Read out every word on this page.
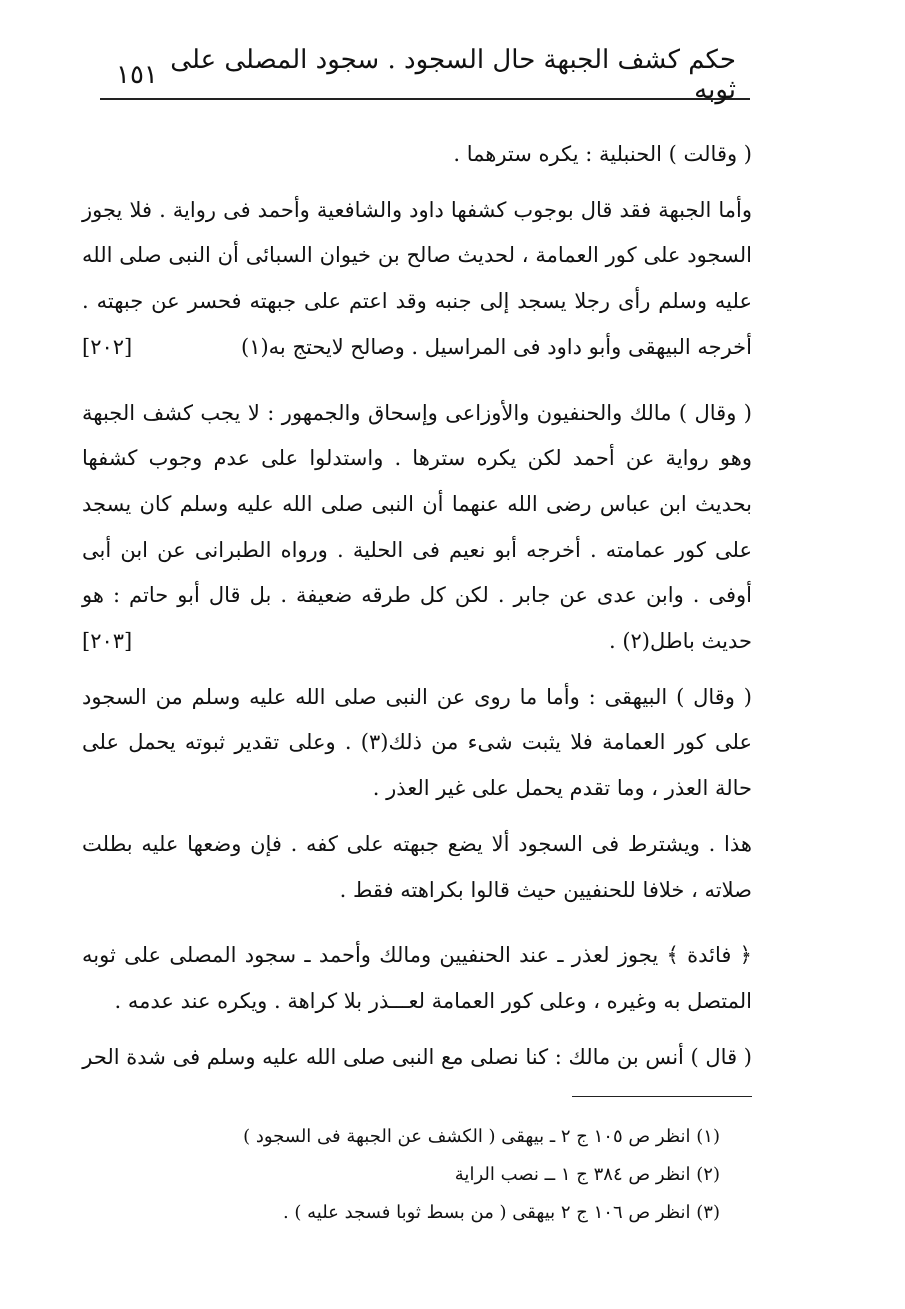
حكم كشف الجبهة حال السجود . سجود المصلى على ثوبه
١٥١

( وقالت ) الحنبلية : يكره سترهما .

وأما الجبهة فقد قال بوجوب كشفها داود والشافعية وأحمد فى رواية . فلا يجوز السجود على كور العمامة ، لحديث صالح بن خيوان السبائى أن النبى صلى الله عليه وسلم رأى رجلا يسجد إلى جنبه وقد اعتم على جبهته فحسر عن جبهته . أخرجه البيهقى وأبو داود فى المراسيل . وصالح لايحتج به(١)
[٢٠٢]

( وقال ) مالك والحنفيون والأوزاعى وإسحاق والجمهور : لا يجب كشف الجبهة وهو رواية عن أحمد لكن يكره سترها . واستدلوا على عدم وجوب كشفها بحديث ابن عباس رضى الله عنهما أن النبى صلى الله عليه وسلم كان يسجد على كور عمامته . أخرجه أبو نعيم فى الحلية . ورواه الطبرانى عن ابن أبى أوفى . وابن عدى عن جابر . لكن كل طرقه ضعيفة . بل قال أبو حاتم : هو حديث باطل(٢) .
[٢٠٣]

( وقال ) البيهقى : وأما ما روى عن النبى صلى الله عليه وسلم من السجود على كور العمامة فلا يثبت شىء من ذلك(٣) . وعلى تقدير ثبوته يحمل على حالة العذر ، وما تقدم يحمل على غير العذر .

هذا . ويشترط فى السجود ألا يضع جبهته على كفه . فإن وضعها عليه بطلت صلاته ، خلافا للحنفيين حيث قالوا بكراهته فقط .

﴿ فائدة ﴾ يجوز لعذر ـ عند الحنفيين ومالك وأحمد ـ سجود المصلى على ثوبه المتصل به وغيره ، وعلى كور العمامة لعـــذر بلا كراهة . ويكره عند عدمه .

( قال ) أنس بن مالك : كنا نصلى مع النبى صلى الله عليه وسلم فى شدة الحر

(١) انظر ص ١٠٥ ج ٢ ـ بيهقى ( الكشف عن الجبهة فى السجود )

(٢) انظر ص ٣٨٤ ج ١ ــ نصب الراية

(٣) انظر ص ١٠٦ ج ٢ بيهقى ( من بسط ثوبا فسجد عليه ) .
